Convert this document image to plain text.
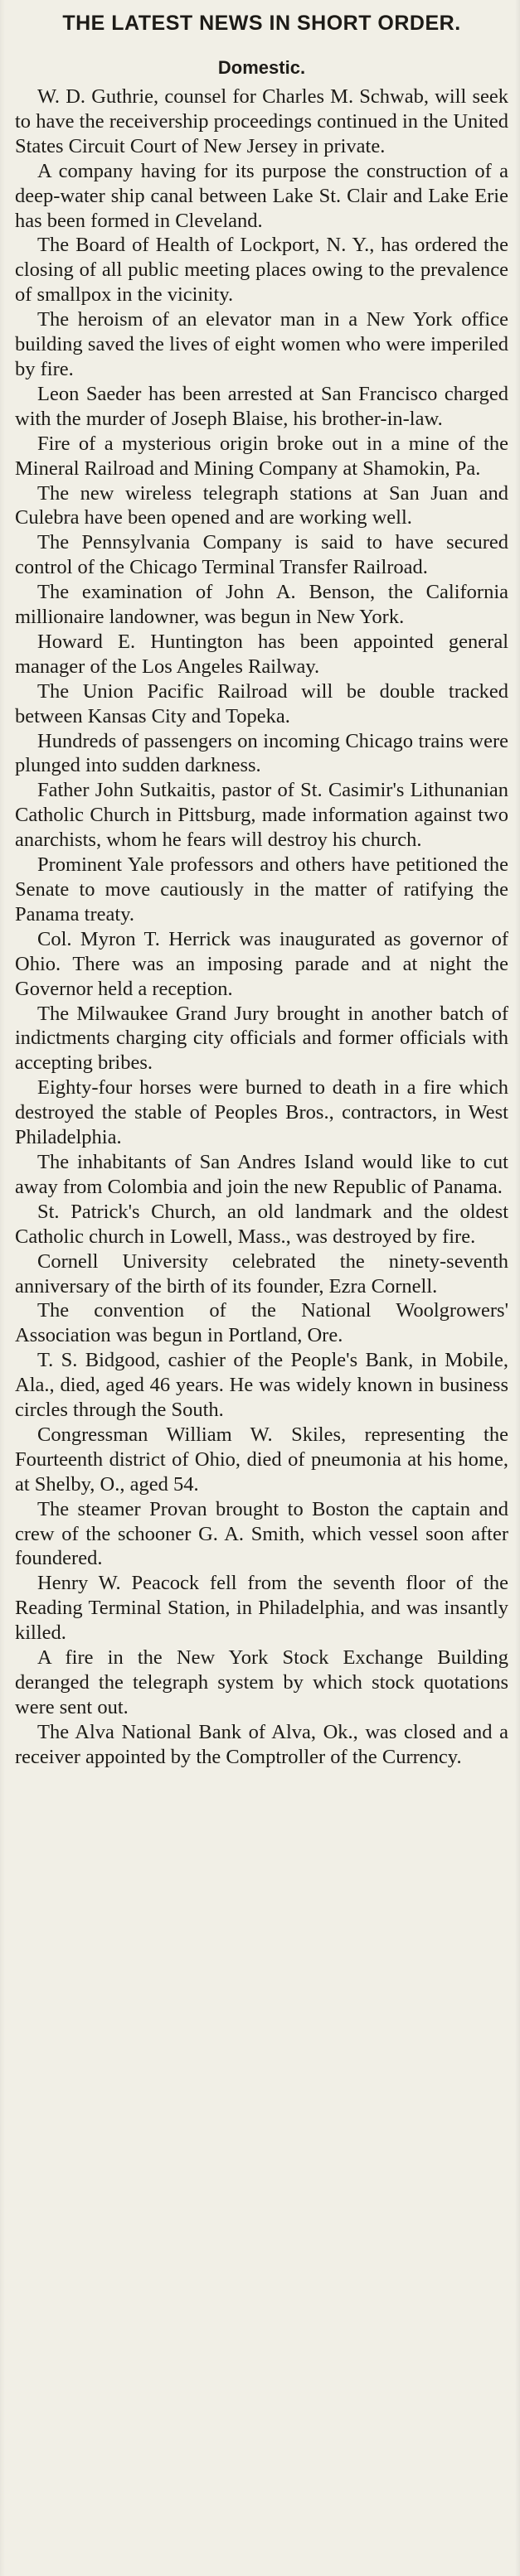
THE LATEST NEWS IN SHORT ORDER.
Domestic.
W. D. Guthrie, counsel for Charles M. Schwab, will seek to have the receivership proceedings continued in the United States Circuit Court of New Jersey in private.
A company having for its purpose the construction of a deep-water ship canal between Lake St. Clair and Lake Erie has been formed in Cleveland.
The Board of Health of Lockport, N. Y., has ordered the closing of all public meeting places owing to the prevalence of smallpox in the vicinity.
The heroism of an elevator man in a New York office building saved the lives of eight women who were imperiled by fire.
Leon Saeder has been arrested at San Francisco charged with the murder of Joseph Blaise, his brother-in-law.
Fire of a mysterious origin broke out in a mine of the Mineral Railroad and Mining Company at Shamokin, Pa.
The new wireless telegraph stations at San Juan and Culebra have been opened and are working well.
The Pennsylvania Company is said to have secured control of the Chicago Terminal Transfer Railroad.
The examination of John A. Benson, the California millionaire landowner, was begun in New York.
Howard E. Huntington has been appointed general manager of the Los Angeles Railway.
The Union Pacific Railroad will be double tracked between Kansas City and Topeka.
Hundreds of passengers on incoming Chicago trains were plunged into sudden darkness.
Father John Sutkaitis, pastor of St. Casimir's Lithunanian Catholic Church in Pittsburg, made information against two anarchists, whom he fears will destroy his church.
Prominent Yale professors and others have petitioned the Senate to move cautiously in the matter of ratifying the Panama treaty.
Col. Myron T. Herrick was inaugurated as governor of Ohio. There was an imposing parade and at night the Governor held a reception.
The Milwaukee Grand Jury brought in another batch of indictments charging city officials and former officials with accepting bribes.
Eighty-four horses were burned to death in a fire which destroyed the stable of Peoples Bros., contractors, in West Philadelphia.
The inhabitants of San Andres Island would like to cut away from Colombia and join the new Republic of Panama.
St. Patrick's Church, an old landmark and the oldest Catholic church in Lowell, Mass., was destroyed by fire.
Cornell University celebrated the ninety-seventh anniversary of the birth of its founder, Ezra Cornell.
The convention of the National Woolgrowers' Association was begun in Portland, Ore.
T. S. Bidgood, cashier of the People's Bank, in Mobile, Ala., died, aged 46 years. He was widely known in business circles through the South.
Congressman William W. Skiles, representing the Fourteenth district of Ohio, died of pneumonia at his home, at Shelby, O., aged 54.
The steamer Provan brought to Boston the captain and crew of the schooner G. A. Smith, which vessel soon after foundered.
Henry W. Peacock fell from the seventh floor of the Reading Terminal Station, in Philadelphia, and was insantly killed.
A fire in the New York Stock Exchange Building deranged the telegraph system by which stock quotations were sent out.
The Alva National Bank of Alva, Ok., was closed and a receiver appointed by the Comptroller of the Currency.
